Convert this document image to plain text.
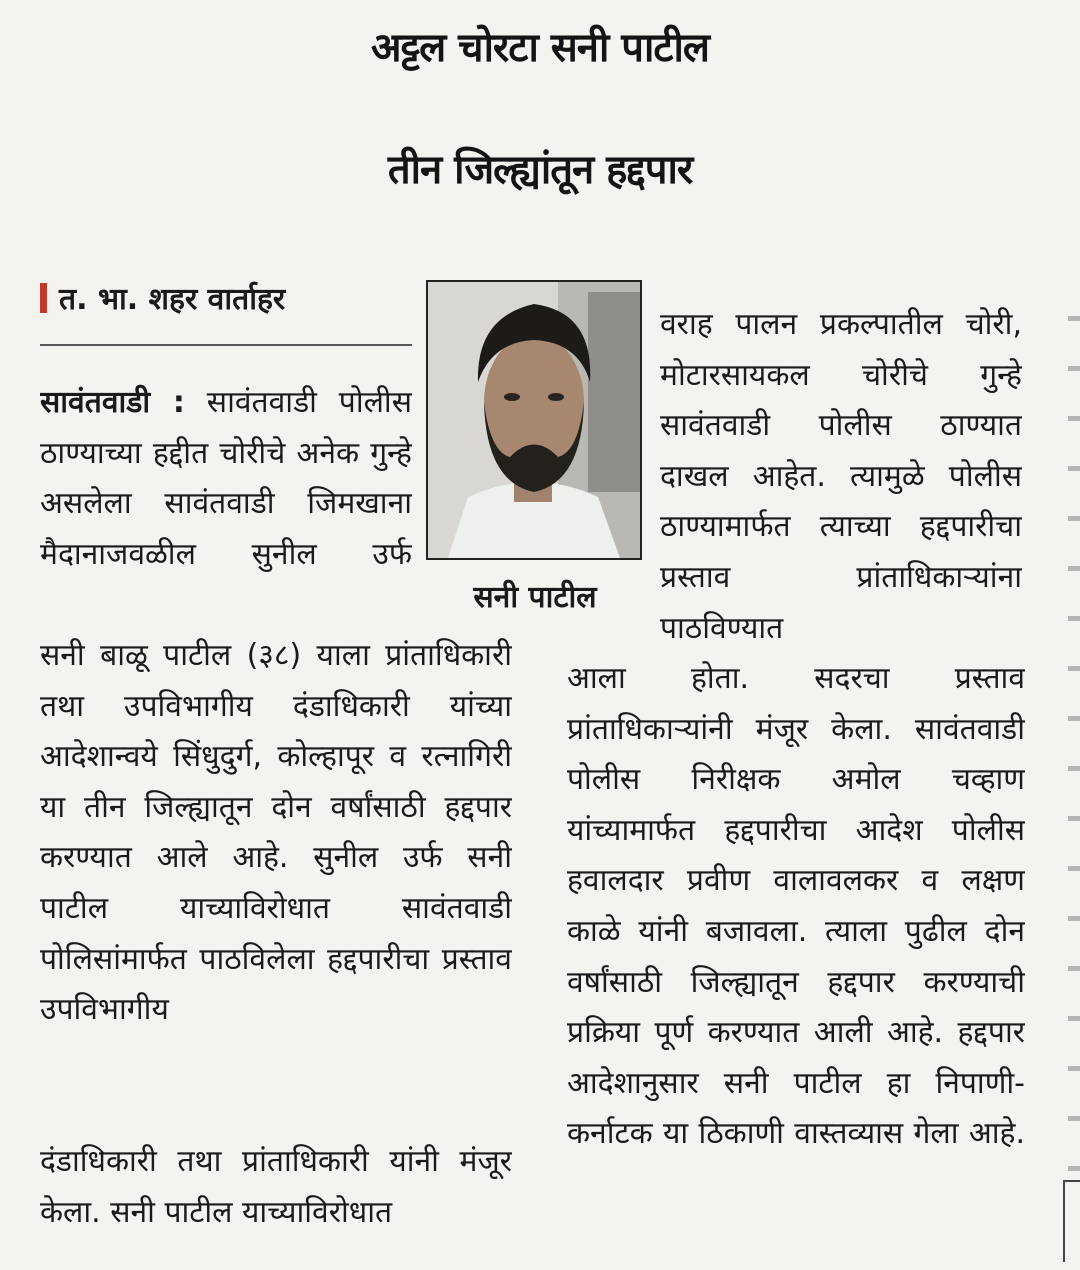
अट्टल चोरटा सनी पाटील
तीन जिल्ह्यांतून हद्दपार
त. भा. शहर वार्ताहर
सनी पाटील

सावंतवाडी : सावंतवाडी पोलीस ठाण्याच्या हद्दीत चोरीचे अनेक गुन्हे असलेला सावंतवाडी जिमखाना मैदानाजवळील सुनील उर्फ

सनी बाळू पाटील (३८) याला प्रांताधिकारी तथा उपविभागीय दंडाधिकारी यांच्या आदेशान्वये सिंधुदुर्ग, कोल्हापूर व रत्नागिरी या तीन जिल्ह्यातून दोन वर्षांसाठी हद्दपार करण्यात आले आहे. सुनील उर्फ सनी पाटील याच्याविरोधात सावंतवाडी पोलिसांमार्फत पाठविलेला हद्दपारीचा प्रस्ताव उपविभागीय

दंडाधिकारी तथा प्रांताधिकारी यांनी मंजूर केला. सनी पाटील याच्याविरोधात

वराह पालन प्रकल्पातील चोरी, मोटारसायकल चोरीचे गुन्हे सावंतवाडी पोलीस ठाण्यात दाखल आहेत. त्यामुळे पोलीस ठाण्यामार्फत त्याच्या हद्दपारीचा प्रस्ताव प्रांताधिकाऱ्यांना पाठविण्यात

आला होता. सदरचा प्रस्ताव प्रांताधिकाऱ्यांनी मंजूर केला. सावंतवाडी पोलीस निरीक्षक अमोल चव्हाण यांच्यामार्फत हद्दपारीचा आदेश पोलीस हवालदार प्रवीण वालावलकर व लक्षण काळे यांनी बजावला. त्याला पुढील दोन वर्षांसाठी जिल्ह्यातून हद्दपार करण्याची प्रक्रिया पूर्ण करण्यात आली आहे. हद्दपार आदेशानुसार सनी पाटील हा निपाणी-कर्नाटक या ठिकाणी वास्तव्यास गेला आहे.
